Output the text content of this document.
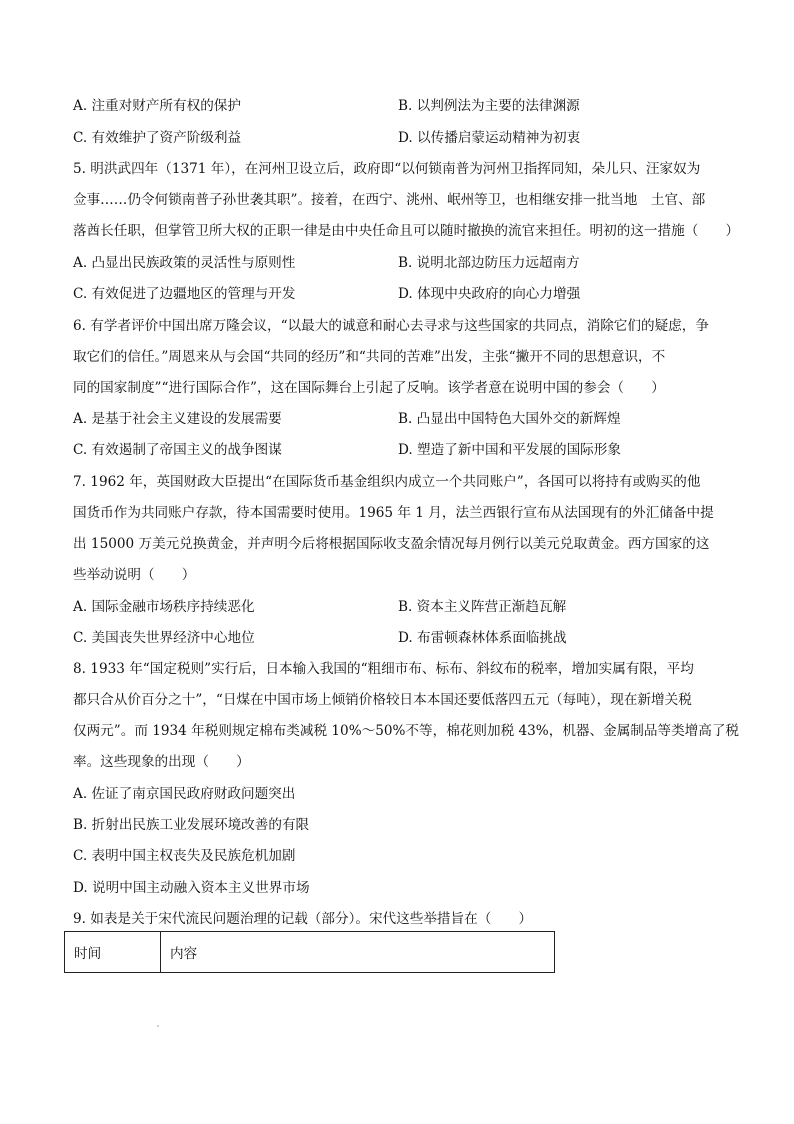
A. 注重对财产所有权的保护	B. 以判例法为主要的法律渊源
C. 有效维护了资产阶级利益	D. 以传播启蒙运动精神为初衷
5. 明洪武四年（1371 年），在河州卫设立后，政府即“以何锁南普为河州卫指挥同知，朵儿只、汪家奴为
佥事……仍令何锁南普子孙世袭其职”。接着，在西宁、洮州、岷州等卫，也相继安排一批当地　土官、部
落酋长任职，但掌管卫所大权的正职一律是由中央任命且可以随时撤换的流官来担任。明初的这一措施（　　）
A. 凸显出民族政策的灵活性与原则性	B. 说明北部边防压力远超南方
C. 有效促进了边疆地区的管理与开发	D. 体现中央政府的向心力增强
6. 有学者评价中国出席万隆会议，“以最大的诚意和耐心去寻求与这些国家的共同点，消除它们的疑虑，争
取它们的信任。”周恩来从与会国“共同的经历”和“共同的苦难”出发，主张“撇开不同的思想意识，不
同的国家制度”“进行国际合作”，这在国际舞台上引起了反响。该学者意在说明中国的参会（　　）
A. 是基于社会主义建设的发展需要	B. 凸显出中国特色大国外交的新辉煌
C. 有效遏制了帝国主义的战争图谋	D. 塑造了新中国和平发展的国际形象
7. 1962 年，英国财政大臣提出“在国际货币基金组织内成立一个共同账户”，各国可以将持有或购买的他
国货币作为共同账户存款，待本国需要时使用。1965 年 1 月，法兰西银行宣布从法国现有的外汇储备中提
出 15000 万美元兑换黄金，并声明今后将根据国际收支盈余情况每月例行以美元兑取黄金。西方国家的这
些举动说明（　　）
A. 国际金融市场秩序持续恶化	B. 资本主义阵营正渐趋瓦解
C. 美国丧失世界经济中心地位	D. 布雷顿森林体系面临挑战
8. 1933 年“国定税则”实行后，日本输入我国的“粗细市布、标布、斜纹布的税率，增加实属有限，平均
都只合从价百分之十”，“日煤在中国市场上倾销价格较日本本国还要低落四五元（每吨），现在新增关税
仅两元”。而 1934 年税则规定棉布类减税 10%～50%不等，棉花则加税 43%，机器、金属制品等类增高了税
率。这些现象的出现（　　）
A. 佐证了南京国民政府财政问题突出
B. 折射出民族工业发展环境改善的有限
C. 表明中国主权丧失及民族危机加剧
D. 说明中国主动融入资本主义世界市场
9. 如表是关于宋代流民问题治理的记载（部分）。宋代这些举措旨在（　　）
时间	内容
